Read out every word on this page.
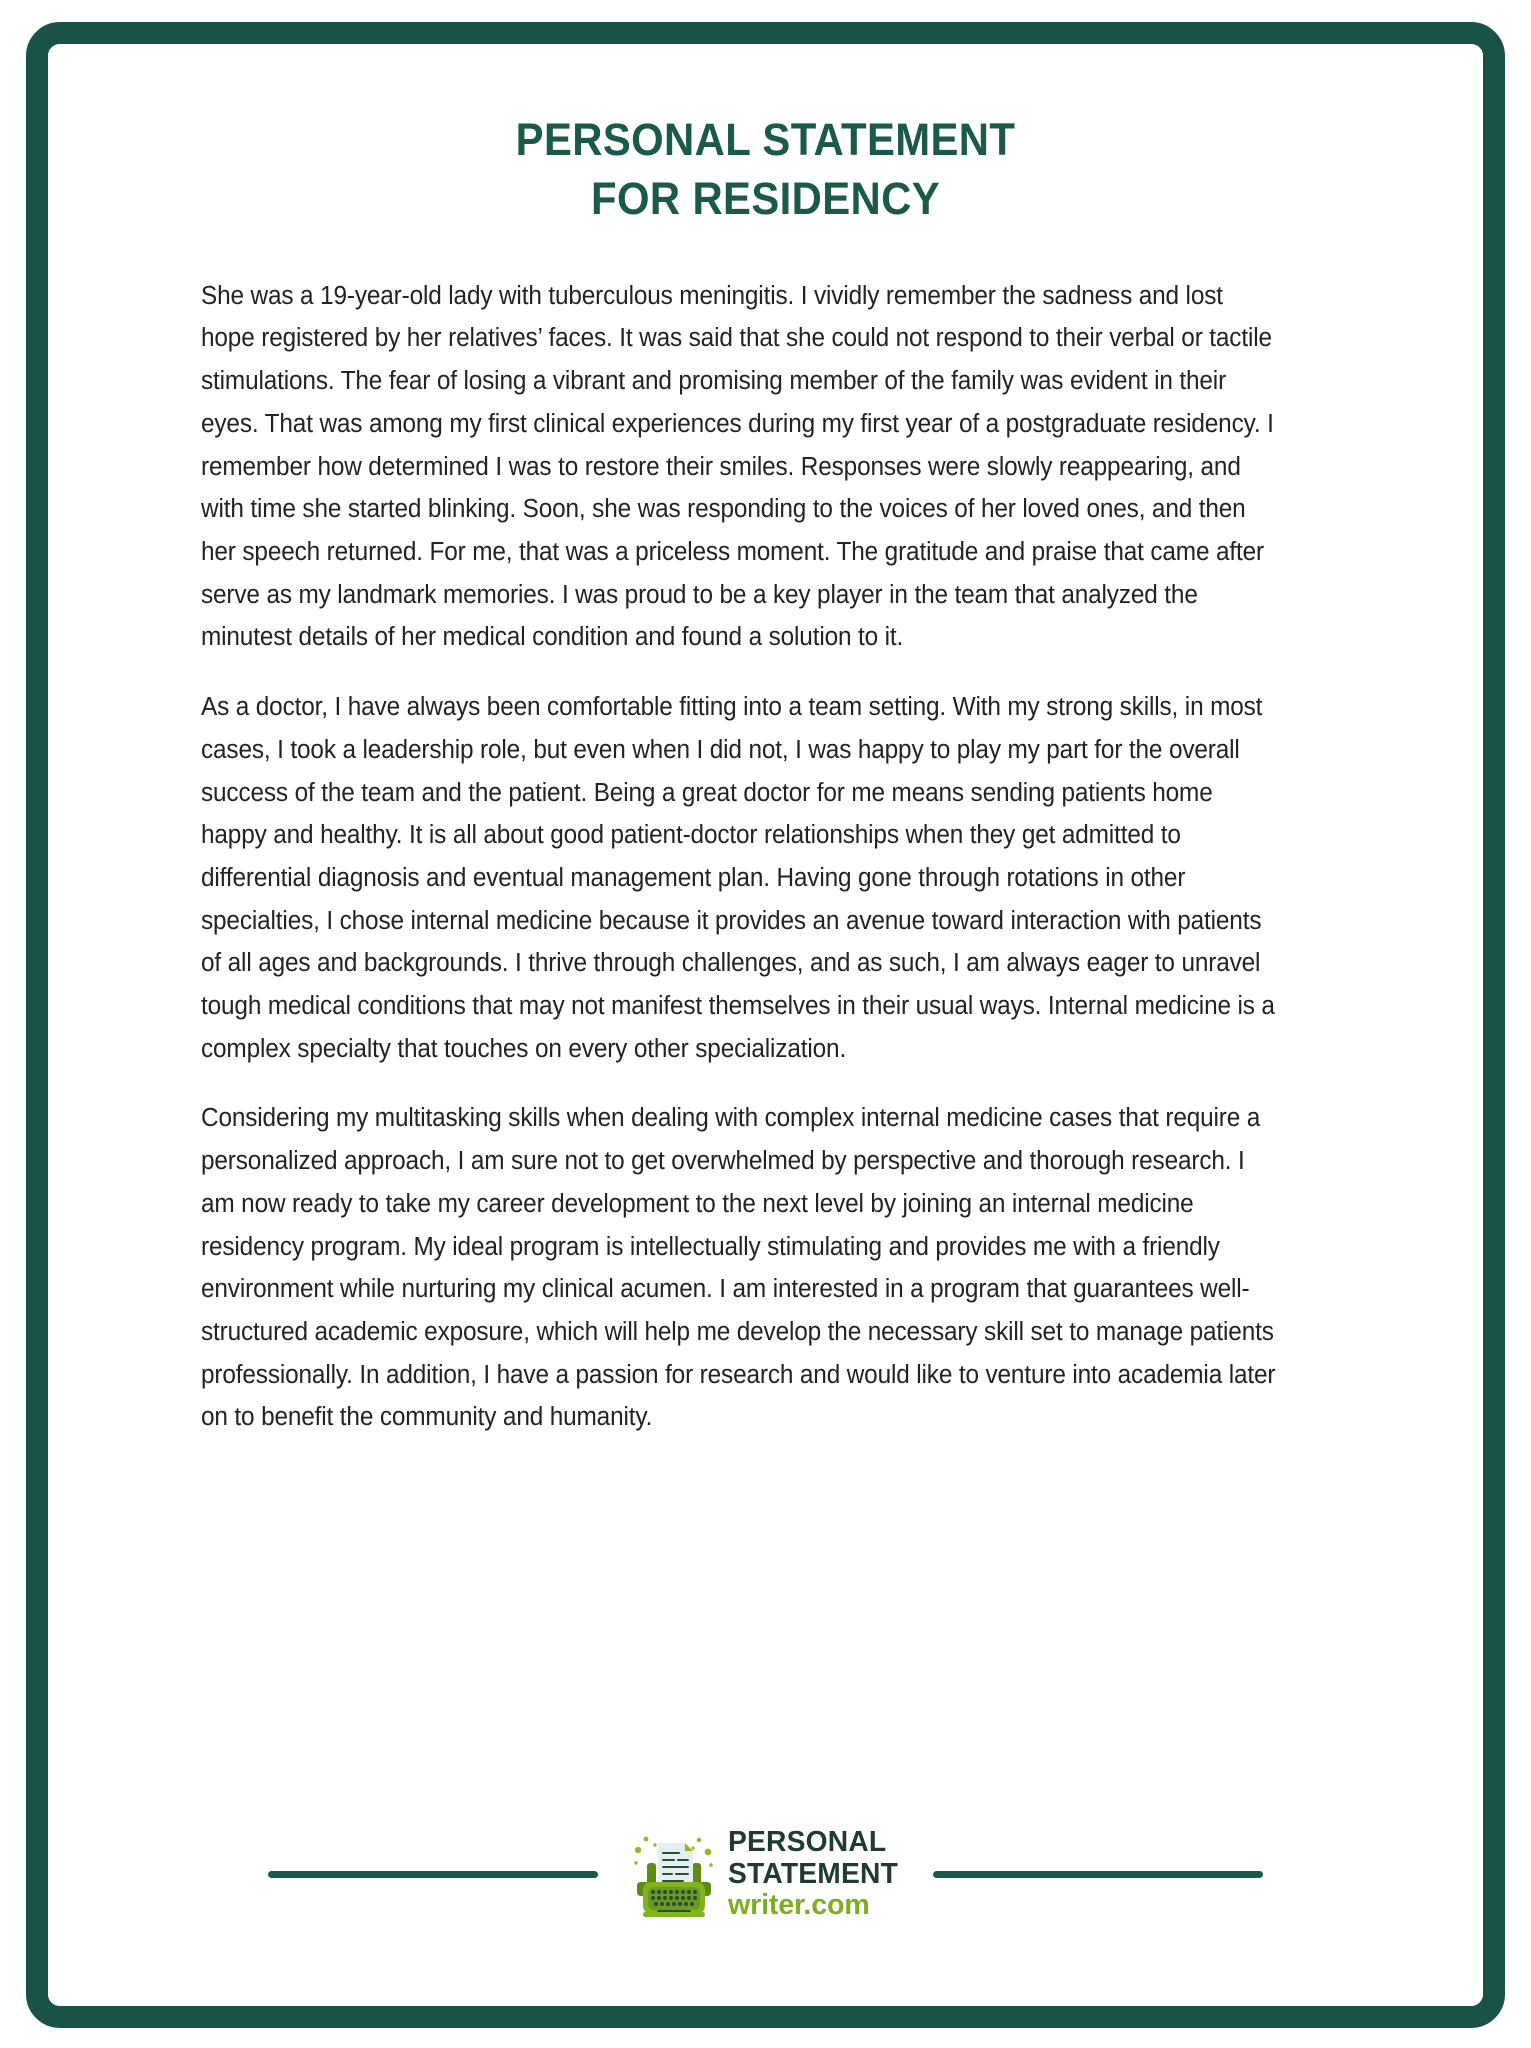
PERSONAL STATEMENT
FOR RESIDENCY

She was a 19-year-old lady with tuberculous meningitis. I vividly remember the sadness and lost hope registered by her relatives’ faces. It was said that she could not respond to their verbal or tactile stimulations. The fear of losing a vibrant and promising member of the family was evident in their eyes. That was among my first clinical experiences during my first year of a postgraduate residency. I remember how determined I was to restore their smiles. Responses were slowly reappearing, and with time she started blinking. Soon, she was responding to the voices of her loved ones, and then her speech returned. For me, that was a priceless moment. The gratitude and praise that came after serve as my landmark memories. I was proud to be a key player in the team that analyzed the minutest details of her medical condition and found a solution to it.

As a doctor, I have always been comfortable fitting into a team setting. With my strong skills, in most cases, I took a leadership role, but even when I did not, I was happy to play my part for the overall success of the team and the patient. Being a great doctor for me means sending patients home happy and healthy. It is all about good patient-doctor relationships when they get admitted to differential diagnosis and eventual management plan. Having gone through rotations in other specialties, I chose internal medicine because it provides an avenue toward interaction with patients of all ages and backgrounds. I thrive through challenges, and as such, I am always eager to unravel tough medical conditions that may not manifest themselves in their usual ways. Internal medicine is a complex specialty that touches on every other specialization.

Considering my multitasking skills when dealing with complex internal medicine cases that require a personalized approach, I am sure not to get overwhelmed by perspective and thorough research. I am now ready to take my career development to the next level by joining an internal medicine residency program. My ideal program is intellectually stimulating and provides me with a friendly environment while nurturing my clinical acumen. I am interested in a program that guarantees well-structured academic exposure, which will help me develop the necessary skill set to manage patients professionally. In addition, I have a passion for research and would like to venture into academia later on to benefit the community and humanity.

PERSONAL
STATEMENT
writer.com
